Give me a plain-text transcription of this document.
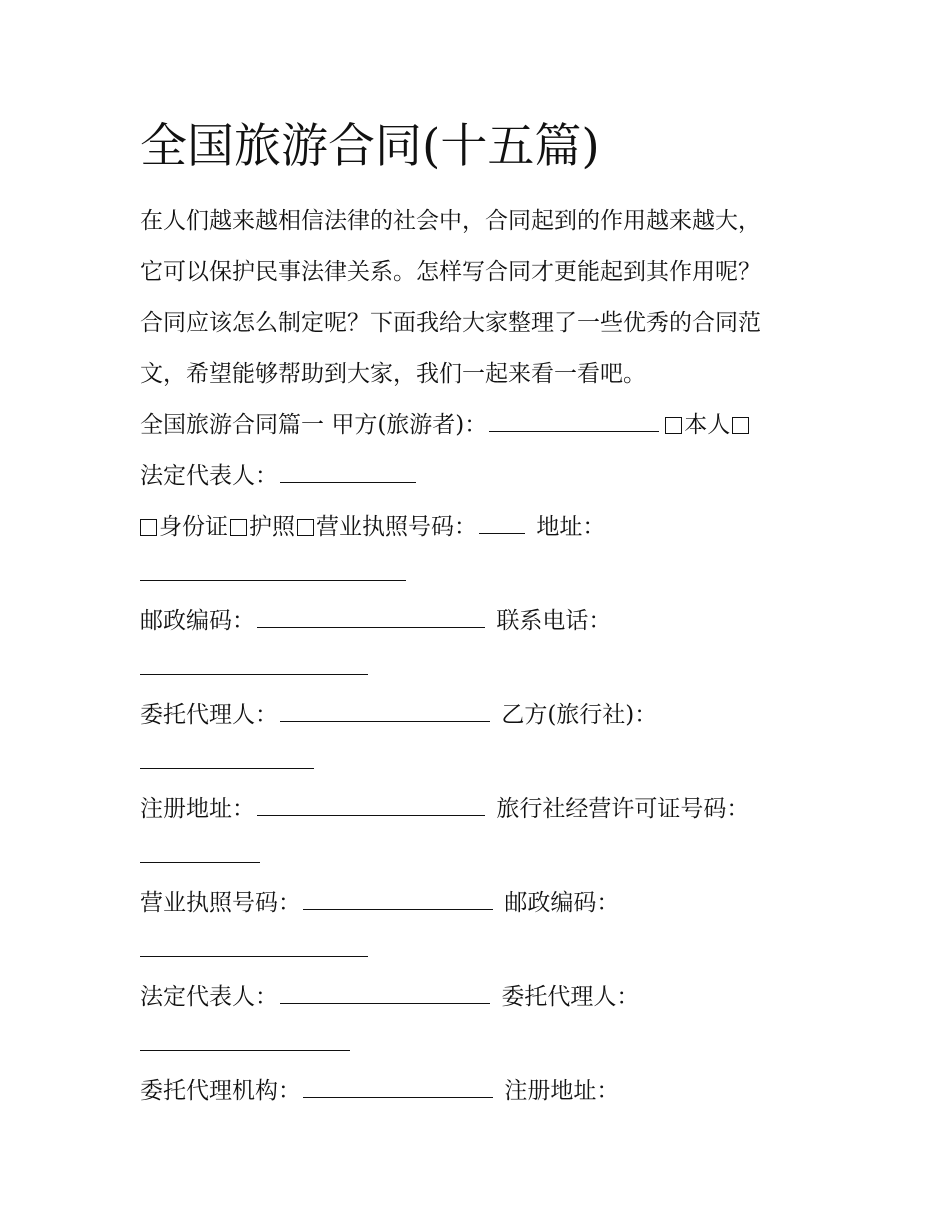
全国旅游合同(十五篇)
在人们越来越相信法律的社会中，合同起到的作用越来越大，
它可以保护民事法律关系。怎样写合同才更能起到其作用呢？
合同应该怎么制定呢？下面我给大家整理了一些优秀的合同范
文，希望能够帮助到大家，我们一起来看一看吧。
全国旅游合同篇一 甲方(旅游者)：	本人
法定代表人：
身份证 护照 营业执照号码：	地址：
邮政编码：	联系电话：
委托代理人：	乙方(旅行社)：
注册地址：	旅行社经营许可证号码：
营业执照号码：	邮政编码：
法定代表人：	委托代理人：
委托代理机构：	注册地址：
